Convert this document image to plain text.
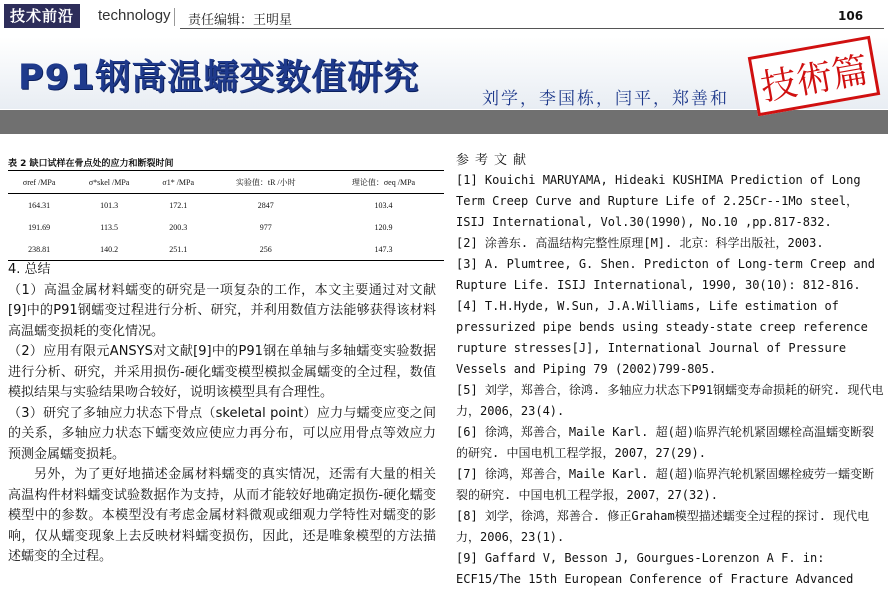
技术前沿	technology 责任编辑：王明星	106
P91钢高温蠕变数值研究
刘学，李国栋，闫平，郑善和 技術篇
表 2 缺口试样在骨点处的应力和断裂时间
σref /MPa	σ*skel /MPa	σ1* /MPa	实验值：tR /小时	理论值：σeq /MPa
164.31	101.3	172.1	2847	103.4
191.69	113.5	200.3	977	120.9
238.81	140.2	251.1	256	147.3

4. 总结

（1）高温金属材料蠕变的研究是一项复杂的工作，本文主要通过对文献[9]中的P91钢蠕变过程进行分析、研究，并利用数值方法能够获得该材料高温蠕变损耗的变化情况。

（2）应用有限元ANSYS对文献[9]中的P91钢在单轴与多轴蠕变实验数据进行分析、研究，并采用损伤-硬化蠕变模型模拟金属蠕变的全过程，数值模拟结果与实验结果吻合较好，说明该模型具有合理性。

（3）研究了多轴应力状态下骨点（skeletal point）应力与蠕变应变之间的关系，多轴应力状态下蠕变效应使应力再分布，可以应用骨点等效应力预测金属蠕变损耗。

另外，为了更好地描述金属材料蠕变的真实情况，还需有大量的相关高温构件材料蠕变试验数据作为支持，从而才能较好地确定损伤-硬化蠕变模型中的参数。本模型没有考虑金属材料微观或细观力学特性对蠕变的影响，仅从蠕变现象上去反映材料蠕变损伤，因此，还是唯象模型的方法描述蠕变的全过程。

参考文献

[1] Kouichi MARUYAMA, Hideaki KUSHIMA Prediction of Long Term Creep Curve and Rupture Life of 2.25Cr--1Mo steel，ISIJ International, Vol.30(1990), No.10 ,pp.817-832.

[2] 涂善东. 高温结构完整性原理[M]. 北京：科学出版社，2003.

[3] A. Plumtree, G. Shen. Predicton of Long-term Creep and Rupture Life. ISIJ International, 1990, 30(10): 812-816.

[4] T.H.Hyde, W.Sun, J.A.Williams, Life estimation of pressurized pipe bends using steady-state creep reference rupture stresses[J], International Journal of Pressure Vessels and Piping 79 (2002)799-805.

[5] 刘学，郑善合，徐鸿. 多轴应力状态下P91钢蠕变寿命损耗的研究. 现代电力，2006，23(4).

[6] 徐鸿，郑善合，Maile Karl. 超(超)临界汽轮机紧固螺栓高温蠕变断裂的研究. 中国电机工程学报，2007，27(29).

[7] 徐鸿，郑善合，Maile Karl. 超(超)临界汽轮机紧固螺栓疲劳一蠕变断裂的研究. 中国电机工程学报，2007，27(32).

[8] 刘学，徐鸿，郑善合. 修正Graham模型描述蠕变全过程的探讨. 现代电力，2006，23(1).

[9] Gaffard V, Besson J, Gourgues-Lorenzon A F. in: ECF15/The 15th European Conference of Fracture Advanced
